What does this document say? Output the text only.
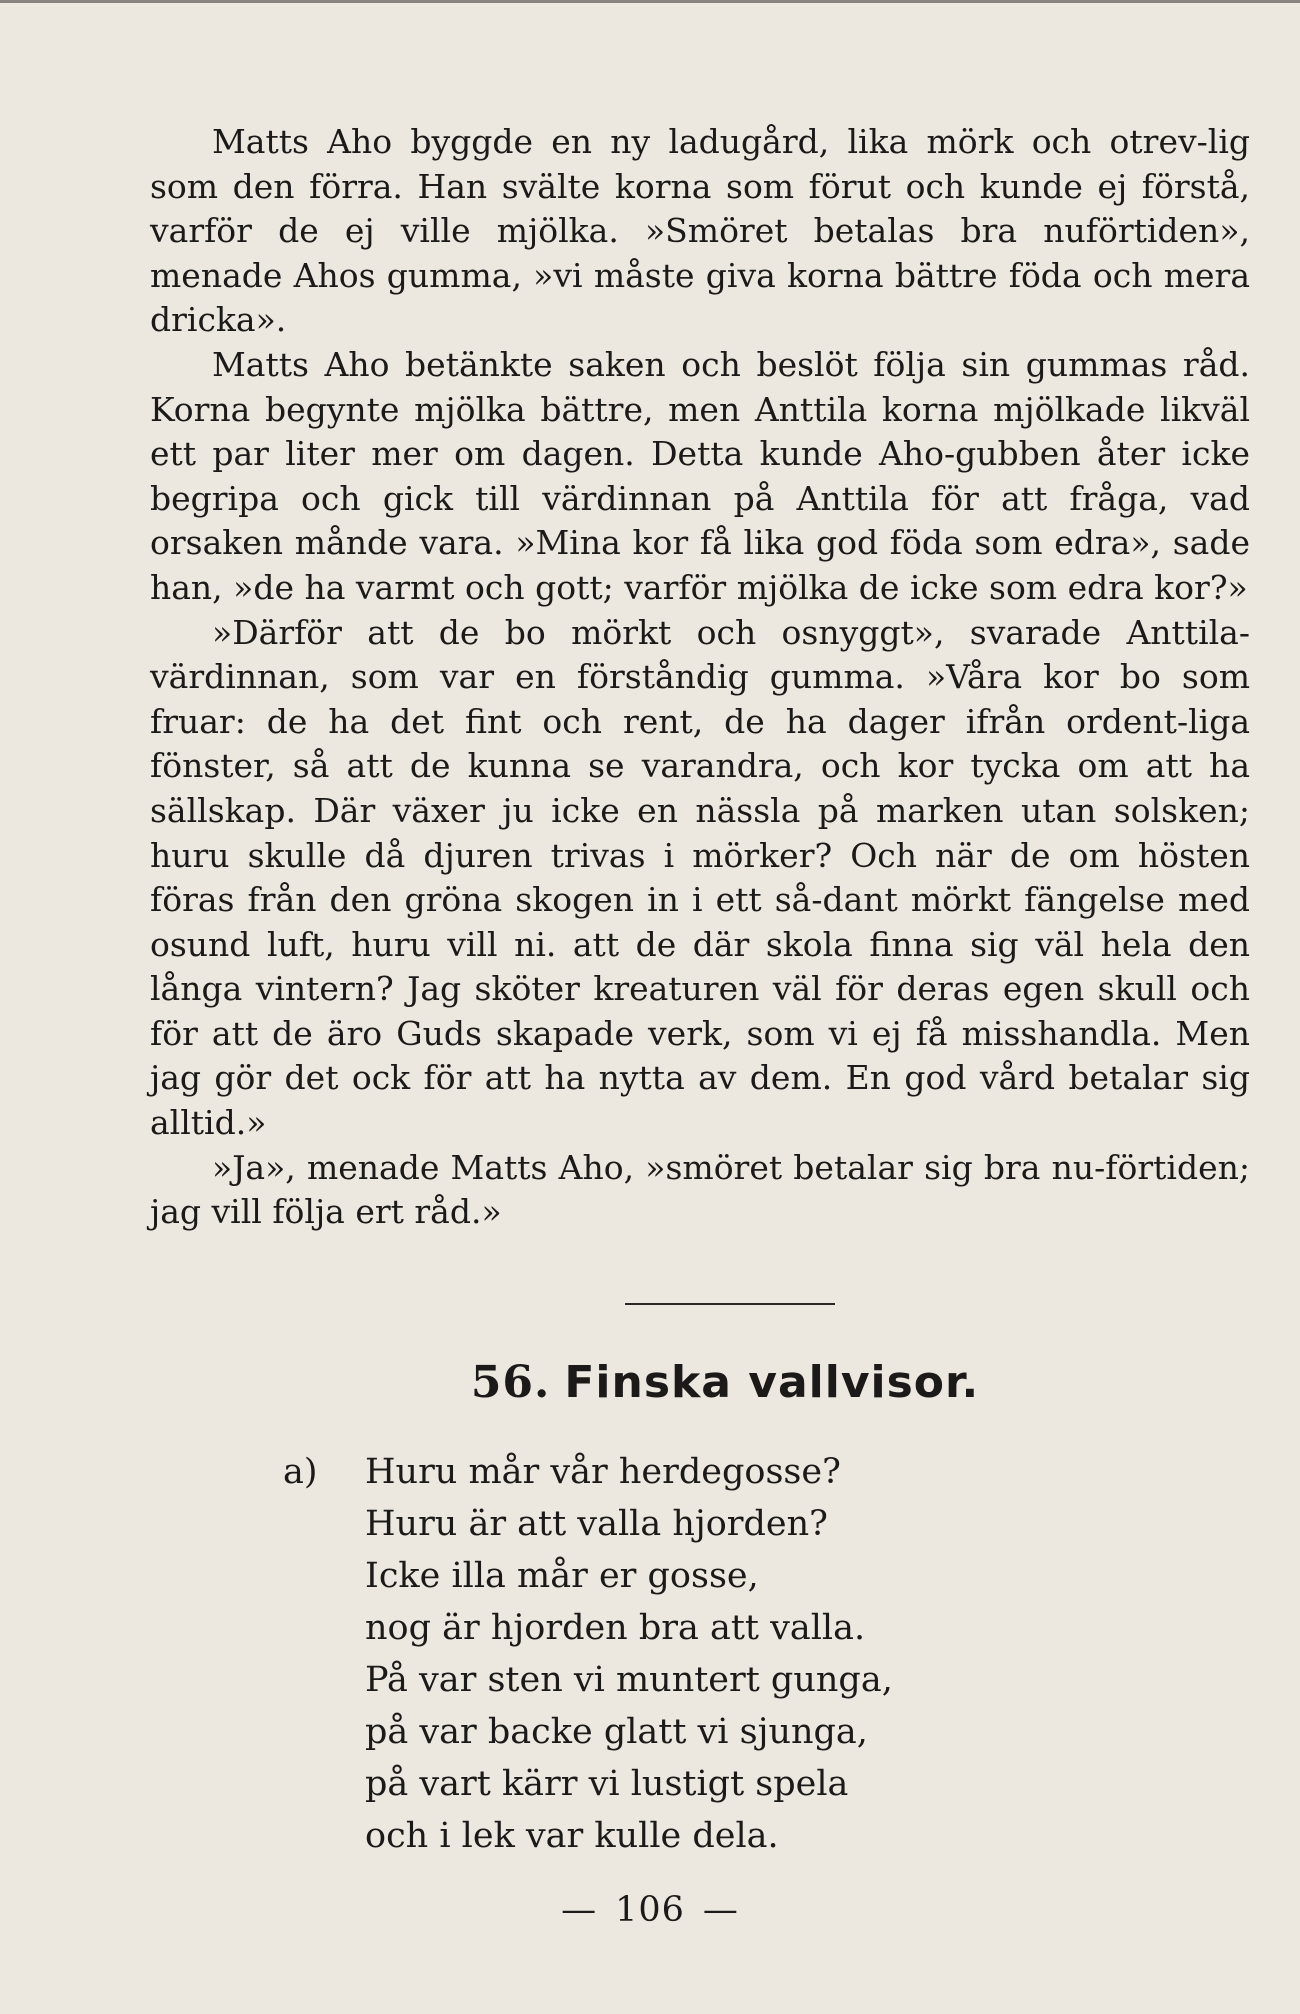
Matts Aho byggde en ny ladugård, lika mörk och otrev-lig som den förra. Han svälte korna som förut och kunde ej förstå, varför de ej ville mjölka. »Smöret betalas bra nuförtiden», menade Ahos gumma, »vi måste giva korna bättre föda och mera dricka».

Matts Aho betänkte saken och beslöt följa sin gummas råd. Korna begynte mjölka bättre, men Anttila korna mjölkade likväl ett par liter mer om dagen. Detta kunde Aho-gubben åter icke begripa och gick till värdinnan på Anttila för att fråga, vad orsaken månde vara. »Mina kor få lika god föda som edra», sade han, »de ha varmt och gott; varför mjölka de icke som edra kor?»

»Därför att de bo mörkt och osnyggt», svarade Anttila-värdinnan, som var en förståndig gumma. »Våra kor bo som fruar: de ha det fint och rent, de ha dager ifrån ordent-liga fönster, så att de kunna se varandra, och kor tycka om att ha sällskap. Där växer ju icke en nässla på marken utan solsken; huru skulle då djuren trivas i mörker? Och när de om hösten föras från den gröna skogen in i ett så-dant mörkt fängelse med osund luft, huru vill ni. att de där skola finna sig väl hela den långa vintern? Jag sköter kreaturen väl för deras egen skull och för att de äro Guds skapade verk, som vi ej få misshandla. Men jag gör det ock för att ha nytta av dem. En god vård betalar sig alltid.»

»Ja», menade Matts Aho, »smöret betalar sig bra nu-förtiden; jag vill följa ert råd.»

56. Finska vallvisor.
a) Huru mår vår herdegosse?
Huru är att valla hjorden?
Icke illa mår er gosse,
nog är hjorden bra att valla.
På var sten vi muntert gunga,
på var backe glatt vi sjunga,
på vart kärr vi lustigt spela
och i lek var kulle dela.
— 106 —
